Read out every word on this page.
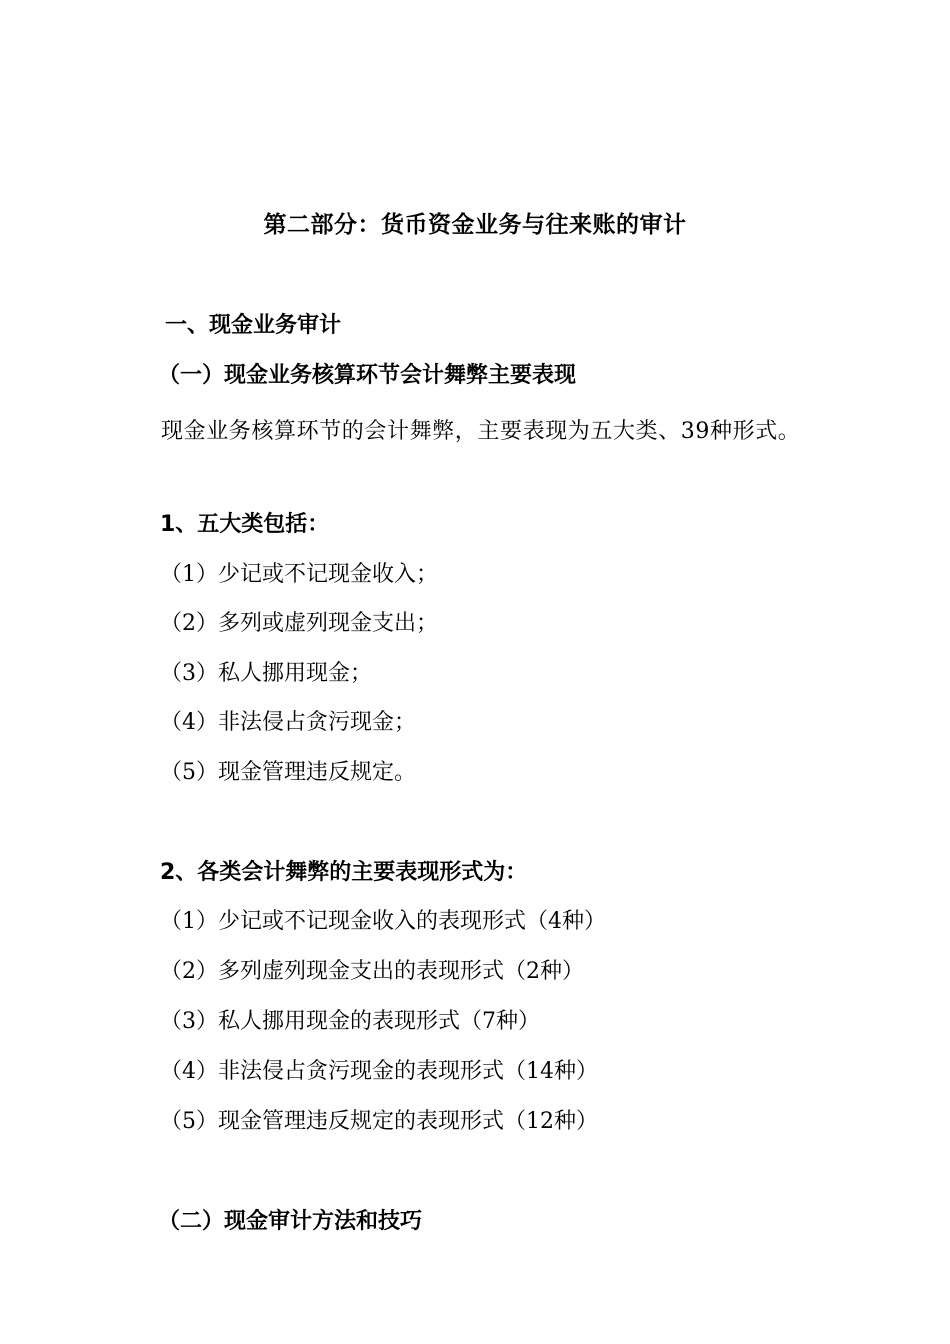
第二部分：货币资金业务与往来账的审计
一、现金业务审计
（一）现金业务核算环节会计舞弊主要表现
现金业务核算环节的会计舞弊，主要表现为五大类、39种形式。
1、五大类包括：
（1）少记或不记现金收入；
（2）多列或虚列现金支出；
（3）私人挪用现金；
（4）非法侵占贪污现金；
（5）现金管理违反规定。
2、各类会计舞弊的主要表现形式为：
（1）少记或不记现金收入的表现形式（4种）
（2）多列虚列现金支出的表现形式（2种）
（3）私人挪用现金的表现形式（7种）
（4）非法侵占贪污现金的表现形式（14种）
（5）现金管理违反规定的表现形式（12种）
（二）现金审计方法和技巧
